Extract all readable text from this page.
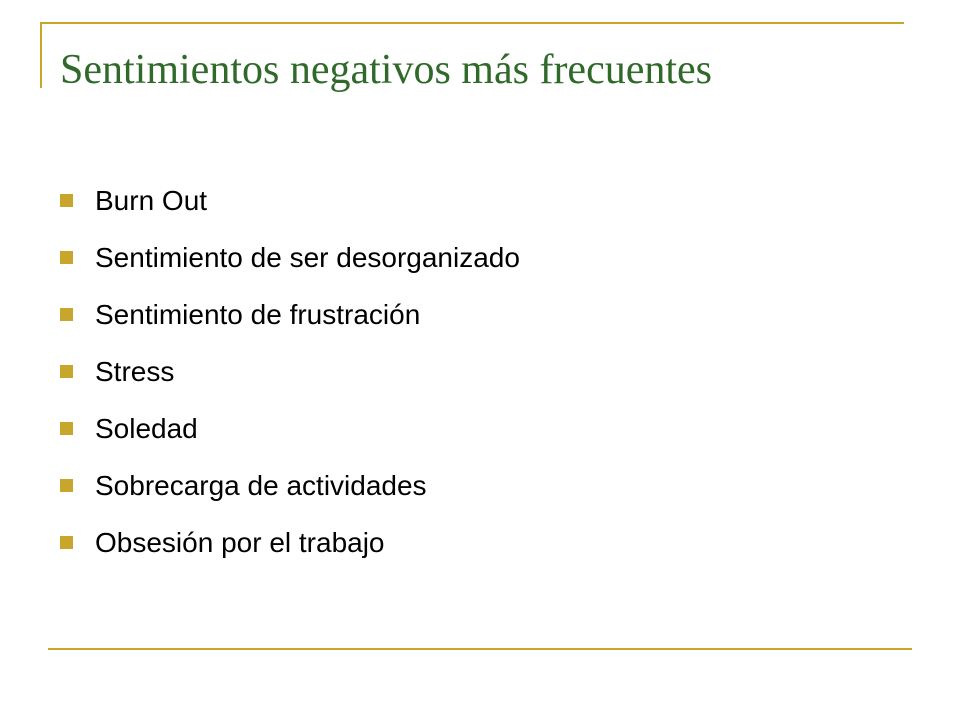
Sentimientos negativos más frecuentes
Burn Out
Sentimiento de ser desorganizado
Sentimiento de frustración
Stress
Soledad
Sobrecarga de actividades
Obsesión por el trabajo
